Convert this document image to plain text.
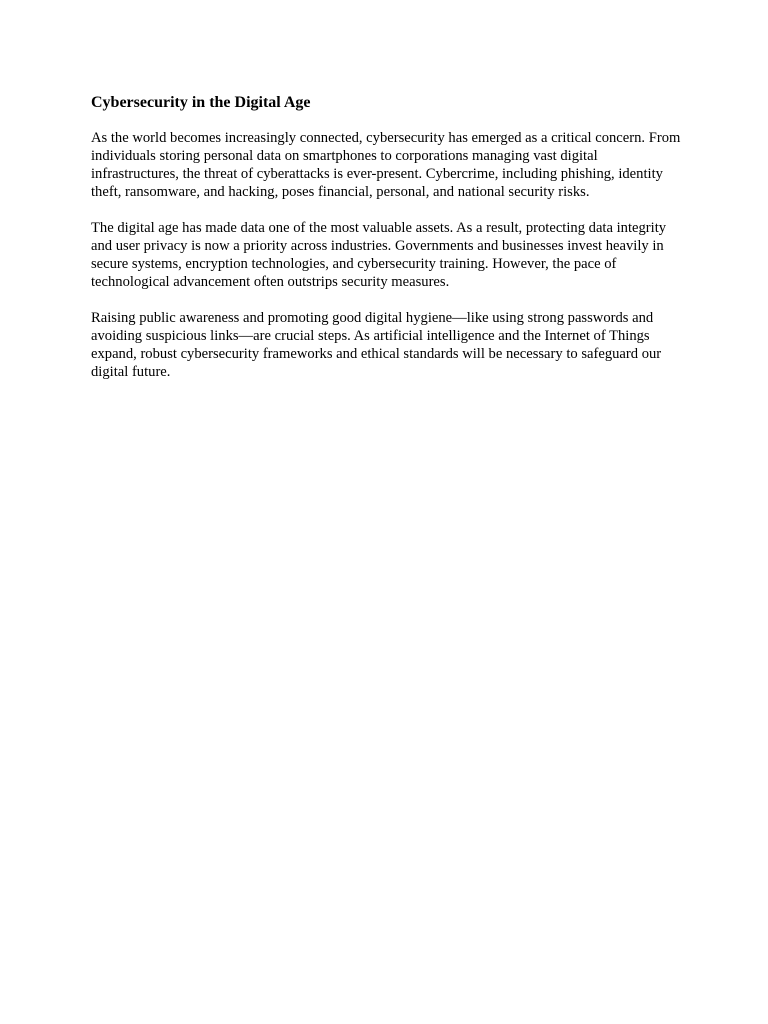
Cybersecurity in the Digital Age

As the world becomes increasingly connected, cybersecurity has emerged as a critical concern. From individuals storing personal data on smartphones to corporations managing vast digital infrastructures, the threat of cyberattacks is ever-present. Cybercrime, including phishing, identity theft, ransomware, and hacking, poses financial, personal, and national security risks.

The digital age has made data one of the most valuable assets. As a result, protecting data integrity and user privacy is now a priority across industries. Governments and businesses invest heavily in secure systems, encryption technologies, and cybersecurity training. However, the pace of technological advancement often outstrips security measures.

Raising public awareness and promoting good digital hygiene—like using strong passwords and avoiding suspicious links—are crucial steps. As artificial intelligence and the Internet of Things expand, robust cybersecurity frameworks and ethical standards will be necessary to safeguard our digital future.
